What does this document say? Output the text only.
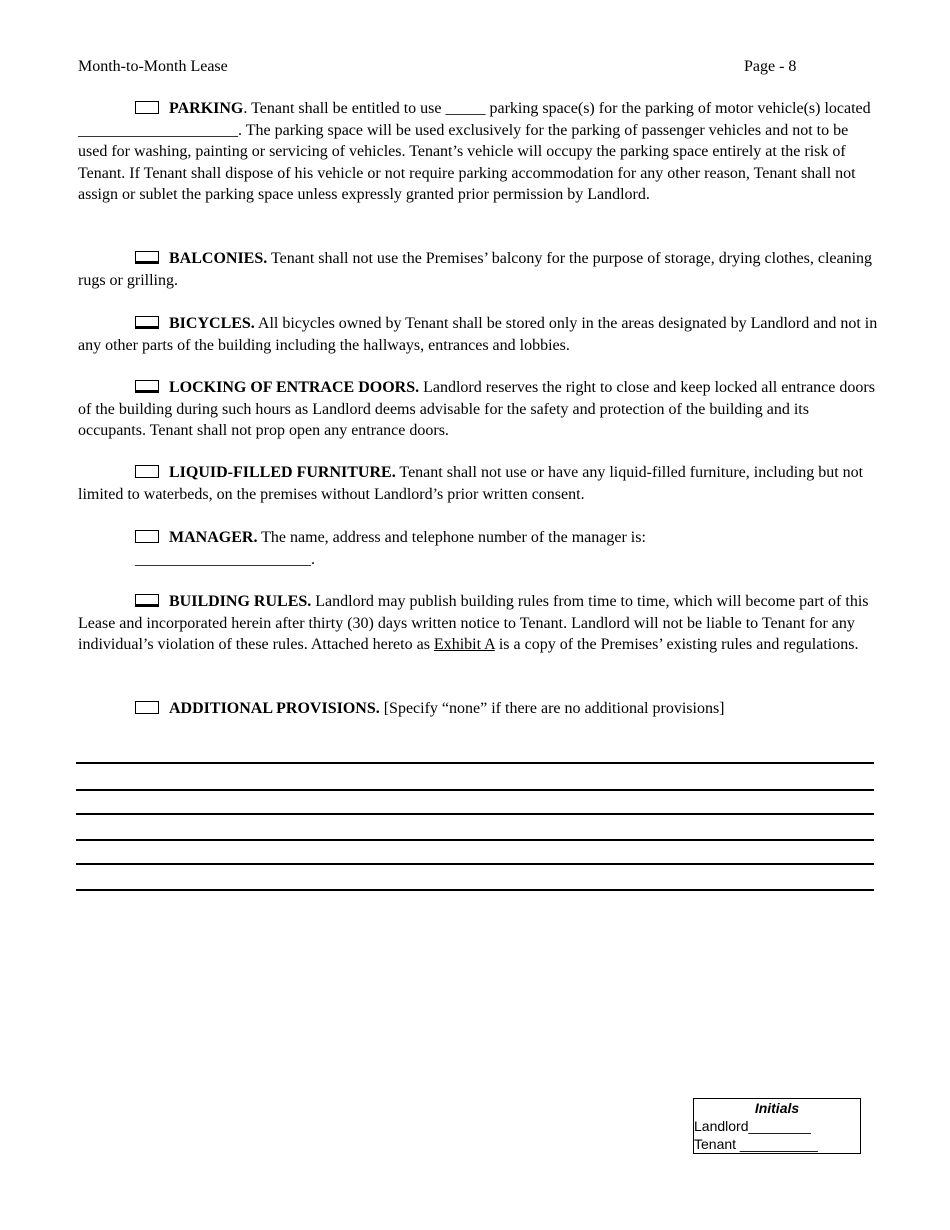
Month-to-Month Lease	Page - 8
PARKING. Tenant shall be entitled to use _____ parking space(s) for the parking of motor vehicle(s) located ____________________. The parking space will be used exclusively for the parking of passenger vehicles and not to be used for washing, painting or servicing of vehicles. Tenant’s vehicle will occupy the parking space entirely at the risk of Tenant. If Tenant shall dispose of his vehicle or not require parking accommodation for any other reason, Tenant shall not assign or sublet the parking space unless expressly granted prior permission by Landlord.
BALCONIES. Tenant shall not use the Premises’ balcony for the purpose of storage, drying clothes, cleaning rugs or grilling.
BICYCLES. All bicycles owned by Tenant shall be stored only in the areas designated by Landlord and not in any other parts of the building including the hallways, entrances and lobbies.
LOCKING OF ENTRACE DOORS. Landlord reserves the right to close and keep locked all entrance doors of the building during such hours as Landlord deems advisable for the safety and protection of the building and its occupants. Tenant shall not prop open any entrance doors.
LIQUID-FILLED FURNITURE. Tenant shall not use or have any liquid-filled furniture, including but not limited to waterbeds, on the premises without Landlord’s prior written consent.
MANAGER. The name, address and telephone number of the manager is:
______________________.
BUILDING RULES. Landlord may publish building rules from time to time, which will become part of this Lease and incorporated herein after thirty (30) days written notice to Tenant. Landlord will not be liable to Tenant for any individual’s violation of these rules. Attached hereto as Exhibit A is a copy of the Premises’ existing rules and regulations.
ADDITIONAL PROVISIONS. [Specify “none” if there are no additional provisions]
Initials
Landlord________
Tenant __________
